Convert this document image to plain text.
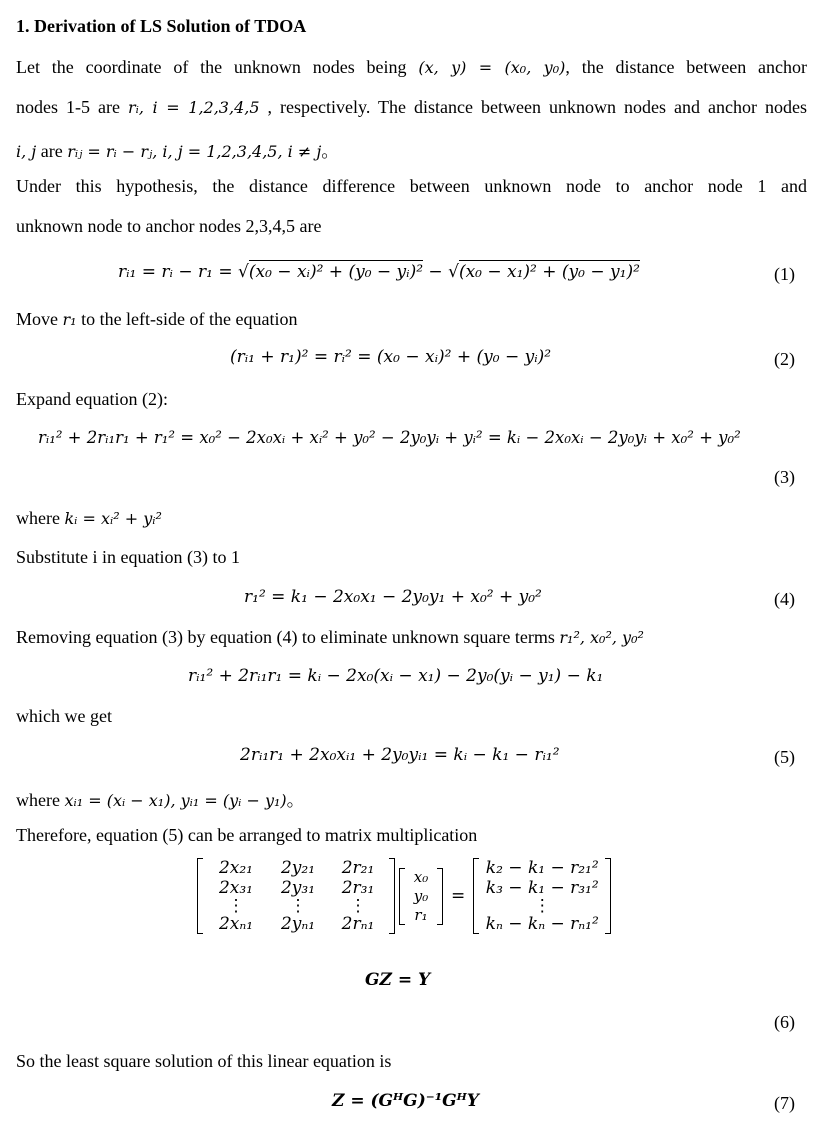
1. Derivation of LS Solution of TDOA
Let the coordinate of the unknown nodes being (x, y) = (x₀, y₀), the distance between anchor
nodes 1-5 are rᵢ, i = 1,2,3,4,5 , respectively. The distance between unknown nodes and anchor nodes
i, j are rᵢⱼ = rᵢ − rⱼ, i, j = 1,2,3,4,5, i ≠ j。
Under this hypothesis, the distance difference between unknown node to anchor node 1 and
unknown node to anchor nodes 2,3,4,5 are
rᵢ₁ = rᵢ − r₁ = √(x₀ − xᵢ)² + (y₀ − yᵢ)² − √(x₀ − x₁)² + (y₀ − y₁)²	(1)
Move r₁ to the left-side of the equation
(rᵢ₁ + r₁)² = rᵢ² = (x₀ − xᵢ)² + (y₀ − yᵢ)²	(2)
Expand equation (2):
rᵢ₁² + 2rᵢ₁r₁ + r₁² = x₀² − 2x₀xᵢ + xᵢ² + y₀² − 2y₀yᵢ + yᵢ² = kᵢ − 2x₀xᵢ − 2y₀yᵢ + x₀² + y₀²
(3)
where kᵢ = xᵢ² + yᵢ²
Substitute i in equation (3) to 1
r₁² = k₁ − 2x₀x₁ − 2y₀y₁ + x₀² + y₀²	(4)
Removing equation (3) by equation (4) to eliminate unknown square terms r₁², x₀², y₀²
rᵢ₁² + 2rᵢ₁r₁ = kᵢ − 2x₀(xᵢ − x₁) − 2y₀(yᵢ − y₁) − k₁
which we get
2rᵢ₁r₁ + 2x₀xᵢ₁ + 2y₀yᵢ₁ = kᵢ − k₁ − rᵢ₁²	(5)
where xᵢ₁ = (xᵢ − x₁), yᵢ₁ = (yᵢ − y₁)。
Therefore, equation (5) can be arranged to matrix multiplication
2x₂₁	2y₂₁	2r₂₁
2x₃₁	2y₃₁	2r₃₁
⋮	⋮	⋮
2xₙ₁	2yₙ₁	2rₙ₁
x₀
y₀
r₁
=
k₂ − k₁ − r₂₁²
k₃ − k₁ − r₃₁²
⋮
kₙ − kₙ − rₙ₁²
GZ = Y
(6)
So the least square solution of this linear equation is
Z = (GᴴG)⁻¹GᴴY	(7)
